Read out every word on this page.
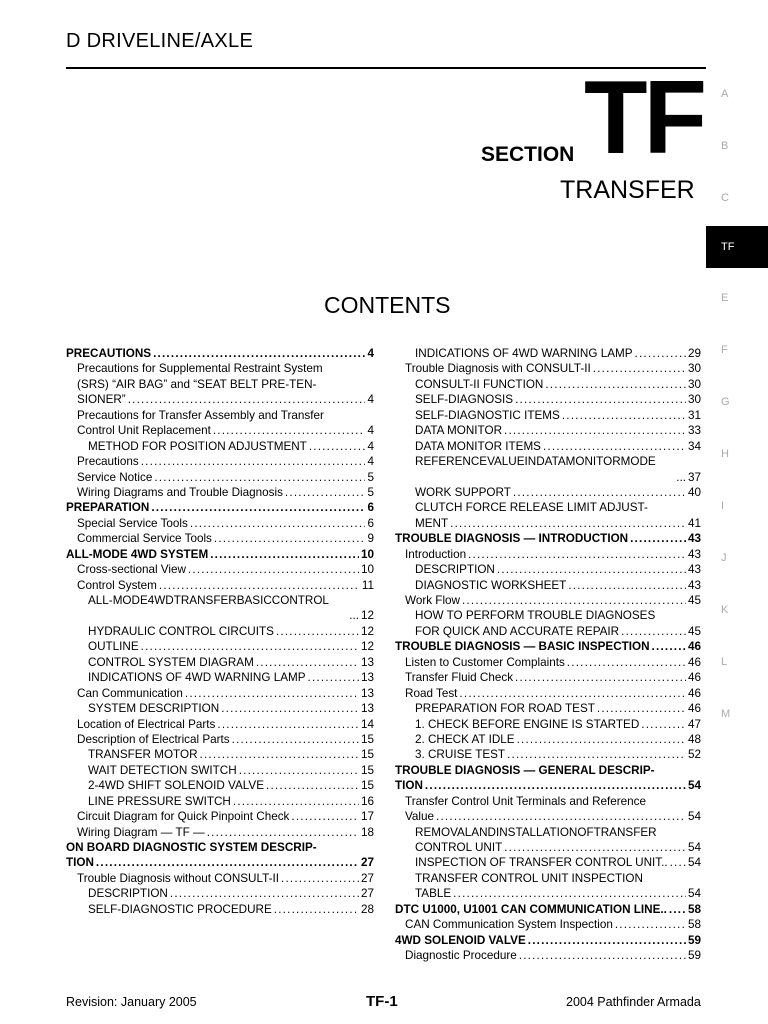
D DRIVELINE/AXLE
A
B
C
TF
E
F
G
H
I
J
K
L
M
SECTION TF
TRANSFER
CONTENTS
PRECAUTIONS .....	4
Precautions for Supplemental Restraint System
(SRS) “AIR BAG” and “SEAT BELT PRE-TEN-
SIONER” .....	4
Precautions for Transfer Assembly and Transfer
Control Unit Replacement .....	4
METHOD FOR POSITION ADJUSTMENT .....	4
Precautions .....	4
Service Notice .....	5
Wiring Diagrams and Trouble Diagnosis .....	5
PREPARATION .....	6
Special Service Tools .....	6
Commercial Service Tools .....	9
ALL-MODE 4WD SYSTEM .....	10
Cross-sectional View .....	10
Control System .....	11
ALL-MODE4WDTRANSFERBASICCONTROL
... 12
HYDRAULIC CONTROL CIRCUITS .....	12
OUTLINE .....	12
CONTROL SYSTEM DIAGRAM .....	13
INDICATIONS OF 4WD WARNING LAMP .....	13
Can Communication .....	13
SYSTEM DESCRIPTION .....	13
Location of Electrical Parts .....	14
Description of Electrical Parts .....	15
TRANSFER MOTOR .....	15
WAIT DETECTION SWITCH .....	15
2-4WD SHIFT SOLENOID VALVE .....	15
LINE PRESSURE SWITCH .....	16
Circuit Diagram for Quick Pinpoint Check .....	17
Wiring Diagram — TF — .....	18
ON BOARD DIAGNOSTIC SYSTEM DESCRIP-
TION .....	27
Trouble Diagnosis without CONSULT-II .....	27
DESCRIPTION .....	27
SELF-DIAGNOSTIC PROCEDURE .....	28
INDICATIONS OF 4WD WARNING LAMP .....	29
Trouble Diagnosis with CONSULT-II .....	30
CONSULT-II FUNCTION .....	30
SELF-DIAGNOSIS .....	30
SELF-DIAGNOSTIC ITEMS .....	31
DATA MONITOR .....	33
DATA MONITOR ITEMS .....	34
REFERENCEVALUEINDATAMONITORMODE
... 37
WORK SUPPORT .....	40
CLUTCH FORCE RELEASE LIMIT ADJUST-
MENT .....	41
TROUBLE DIAGNOSIS — INTRODUCTION .....	43
Introduction .....	43
DESCRIPTION .....	43
DIAGNOSTIC WORKSHEET .....	43
Work Flow .....	45
HOW TO PERFORM TROUBLE DIAGNOSES
FOR QUICK AND ACCURATE REPAIR .....	45
TROUBLE DIAGNOSIS — BASIC INSPECTION .....	46
Listen to Customer Complaints .....	46
Transfer Fluid Check .....	46
Road Test .....	46
PREPARATION FOR ROAD TEST .....	46
1. CHECK BEFORE ENGINE IS STARTED .....	47
2. CHECK AT IDLE .....	48
3. CRUISE TEST .....	52
TROUBLE DIAGNOSIS — GENERAL DESCRIP-
TION .....	54
Transfer Control Unit Terminals and Reference
Value .....	54
REMOVALANDINSTALLATIONOFTRANSFER
CONTROL UNIT .....	54
INSPECTION OF TRANSFER CONTROL UNIT.. ..... 54
TRANSFER CONTROL UNIT INSPECTION
TABLE .....	54
DTC U1000, U1001 CAN COMMUNICATION LINE.. ..... 58
CAN Communication System Inspection .....	58
4WD SOLENOID VALVE .....	59
Diagnostic Procedure .....	59
Revision: January 2005	TF-1	2004 Pathfinder Armada
